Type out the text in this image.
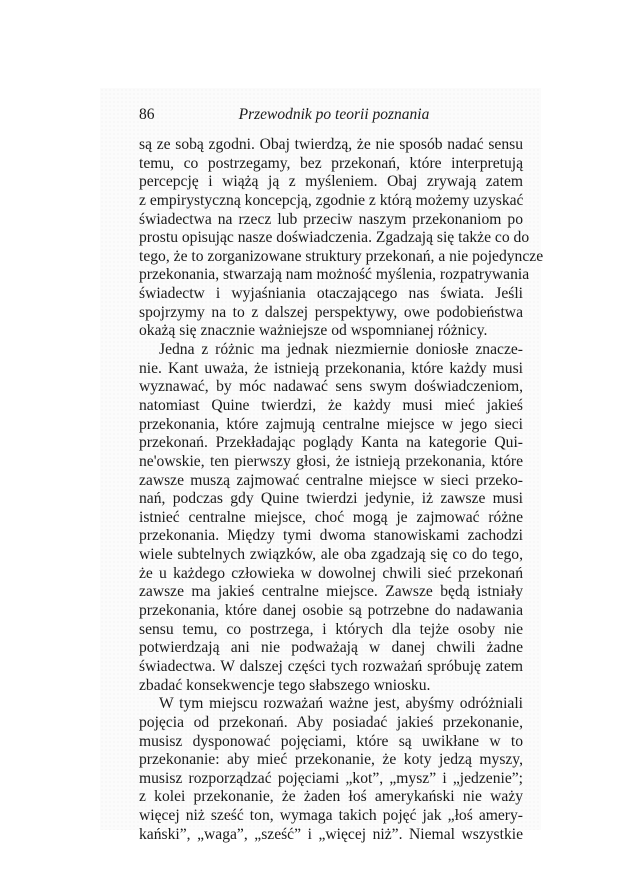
86	Przewodnik po teorii poznania
są ze sobą zgodni. Obaj twierdzą, że nie sposób nadać sensu
temu, co postrzegamy, bez przekonań, które interpretują
percepcję i wiążą ją z myśleniem. Obaj zrywają zatem
z empirystyczną koncepcją, zgodnie z którą możemy uzyskać
świadectwa na rzecz lub przeciw naszym przekonaniom po
prostu opisując nasze doświadczenia. Zgadzają się także co do
tego, że to zorganizowane struktury przekonań, a nie pojedyncze
przekonania, stwarzają nam możność myślenia, rozpatrywania
świadectw i wyjaśniania otaczającego nas świata. Jeśli
spojrzymy na to z dalszej perspektywy, owe podobieństwa
okażą się znacznie ważniejsze od wspomnianej różnicy.
Jedna z różnic ma jednak niezmiernie doniosłe znacze-
nie. Kant uważa, że istnieją przekonania, które każdy musi
wyznawać, by móc nadawać sens swym doświadczeniom,
natomiast Quine twierdzi, że każdy musi mieć jakieś
przekonania, które zajmują centralne miejsce w jego sieci
przekonań. Przekładając poglądy Kanta na kategorie Qui-
ne'owskie, ten pierwszy głosi, że istnieją przekonania, które
zawsze muszą zajmować centralne miejsce w sieci przeko-
nań, podczas gdy Quine twierdzi jedynie, iż zawsze musi
istnieć centralne miejsce, choć mogą je zajmować różne
przekonania. Między tymi dwoma stanowiskami zachodzi
wiele subtelnych związków, ale oba zgadzają się co do tego,
że u każdego człowieka w dowolnej chwili sieć przekonań
zawsze ma jakieś centralne miejsce. Zawsze będą istniały
przekonania, które danej osobie są potrzebne do nadawania
sensu temu, co postrzega, i których dla tejże osoby nie
potwierdzają ani nie podważają w danej chwili żadne
świadectwa. W dalszej części tych rozważań spróbuję zatem
zbadać konsekwencje tego słabszego wniosku.
W tym miejscu rozważań ważne jest, abyśmy odróżniali
pojęcia od przekonań. Aby posiadać jakieś przekonanie,
musisz dysponować pojęciami, które są uwikłane w to
przekonanie: aby mieć przekonanie, że koty jedzą myszy,
musisz rozporządzać pojęciami „kot”, „mysz” i „jedzenie”;
z kolei przekonanie, że żaden łoś amerykański nie waży
więcej niż sześć ton, wymaga takich pojęć jak „łoś amery-
kański”, „waga”, „sześć” i „więcej niż”. Niemal wszystkie
